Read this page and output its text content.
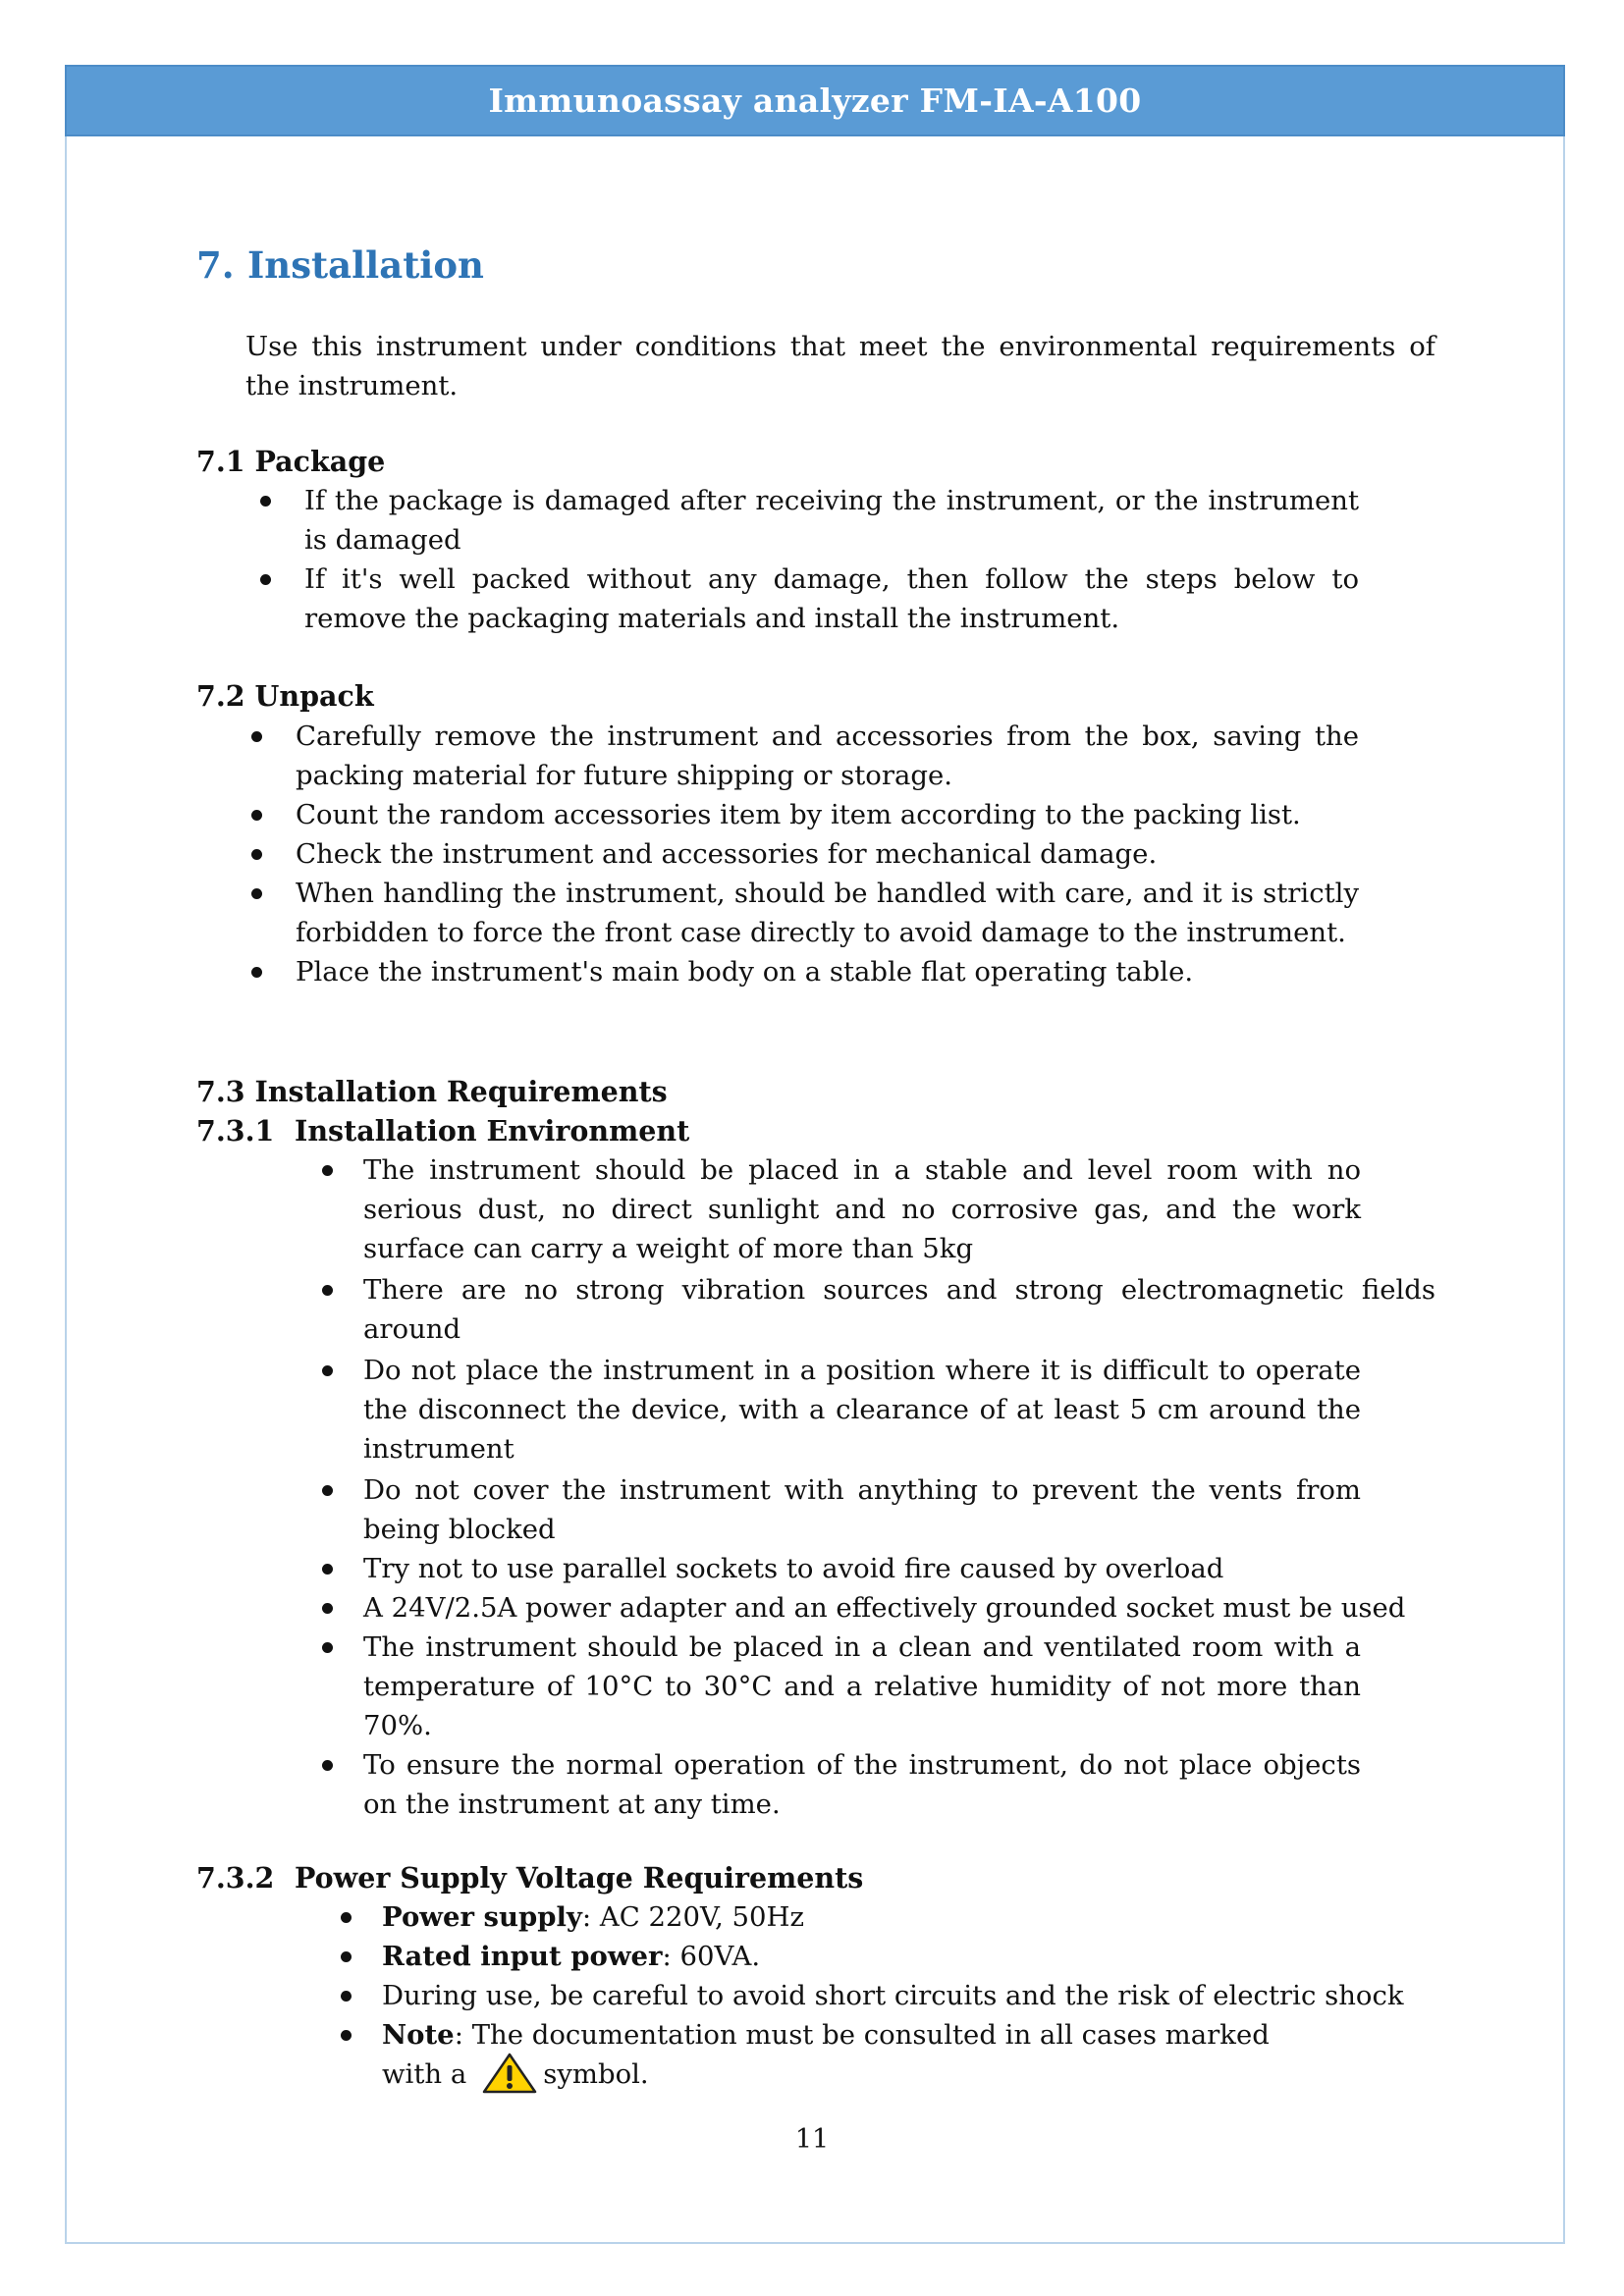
Immunoassay analyzer FM-IA-A100
7. Installation
Use this instrument under conditions that meet the environmental requirements of the instrument.
7.1 Package
If the package is damaged after receiving the instrument, or the instrument is damaged
If it's well packed without any damage, then follow the steps below to remove the packaging materials and install the instrument.
7.2 Unpack
Carefully remove the instrument and accessories from the box, saving the packing material for future shipping or storage.
Count the random accessories item by item according to the packing list.
Check the instrument and accessories for mechanical damage.
When handling the instrument, should be handled with care, and it is strictly forbidden to force the front case directly to avoid damage to the instrument.
Place the instrument's main body on a stable flat operating table.
7.3 Installation Requirements
7.3.1 Installation Environment
The instrument should be placed in a stable and level room with no serious dust, no direct sunlight and no corrosive gas, and the work surface can carry a weight of more than 5kg
There are no strong vibration sources and strong electromagnetic fields around
Do not place the instrument in a position where it is difficult to operate the disconnect the device, with a clearance of at least 5 cm around the instrument
Do not cover the instrument with anything to prevent the vents from being blocked
Try not to use parallel sockets to avoid fire caused by overload
A 24V/2.5A power adapter and an effectively grounded socket must be used
The instrument should be placed in a clean and ventilated room with a temperature of 10°C to 30°C and a relative humidity of not more than 70%.
To ensure the normal operation of the instrument, do not place objects on the instrument at any time.
7.3.2 Power Supply Voltage Requirements
Power supply: AC 220V, 50Hz
Rated input power: 60VA.
During use, be careful to avoid short circuits and the risk of electric shock
Note: The documentation must be consulted in all cases marked
with a	symbol.
11
